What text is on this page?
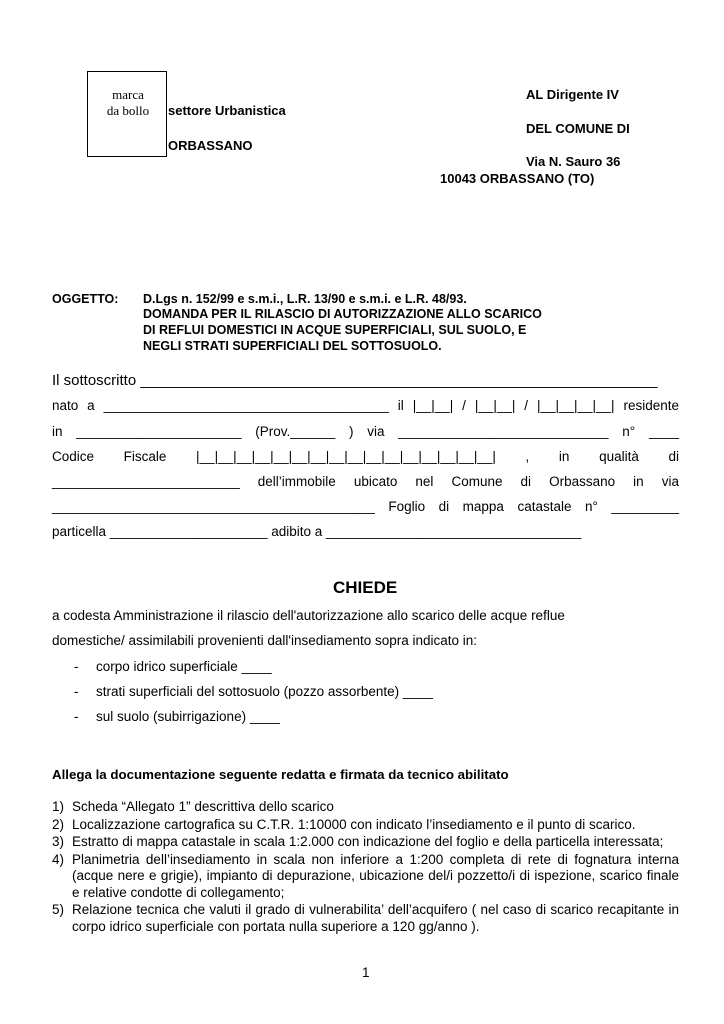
marca
da bollo	settore Urbanistica
ORBASSANO
AL Dirigente IV
DEL COMUNE DI
Via N. Sauro 36
10043 ORBASSANO (TO)
OGGETTO: D.Lgs n. 152/99 e s.m.i., L.R. 13/90 e s.m.i. e L.R. 48/93.
DOMANDA PER IL RILASCIO DI AUTORIZZAZIONE ALLO SCARICO
DI REFLUI DOMESTICI IN ACQUE SUPERFICIALI, SUL SUOLO, E
NEGLI STRATI SUPERFICIALI DEL SOTTOSUOLO.
Il sottoscritto ______________________________________________________________
nato a ______________________________________ il |__|__| / |__|__| / |__|__|__|__| residente
in ______________________ (Prov.______ ) via ____________________________ n° ____
Codice Fiscale |__|__|__|__|__|__|__|__|__|__|__|__|__|__|__|__| , in qualità di
_________________________ dell’immobile ubicato nel Comune di Orbassano in via
___________________________________________ Foglio di mappa catastale n° _________
particella _____________________ adibito a __________________________________
CHIEDE
a codesta Amministrazione il rilascio dell'autorizzazione allo scarico delle acque reflue
domestiche/ assimilabili provenienti dall'insediamento sopra indicato in:
- corpo idrico superficiale ____
- strati superficiali del sottosuolo (pozzo assorbente) ____
- sul suolo (subirrigazione) ____
Allega la documentazione seguente redatta e firmata da tecnico abilitato
1) Scheda “Allegato 1” descrittiva dello scarico
2) Localizzazione cartografica su C.T.R. 1:10000 con indicato l’insediamento e il punto di scarico.
3) Estratto di mappa catastale in scala 1:2.000 con indicazione del foglio e della particella interessata;
4) Planimetria dell’insediamento in scala non inferiore a 1:200 completa di rete di fognatura interna (acque nere e grigie), impianto di depurazione, ubicazione del/i pozzetto/i di ispezione, scarico finale e relative condotte di collegamento;
5) Relazione tecnica che valuti il grado di vulnerabilita’ dell’acquifero ( nel caso di scarico recapitante in corpo idrico superficiale con portata nulla superiore a 120 gg/anno ).
1
